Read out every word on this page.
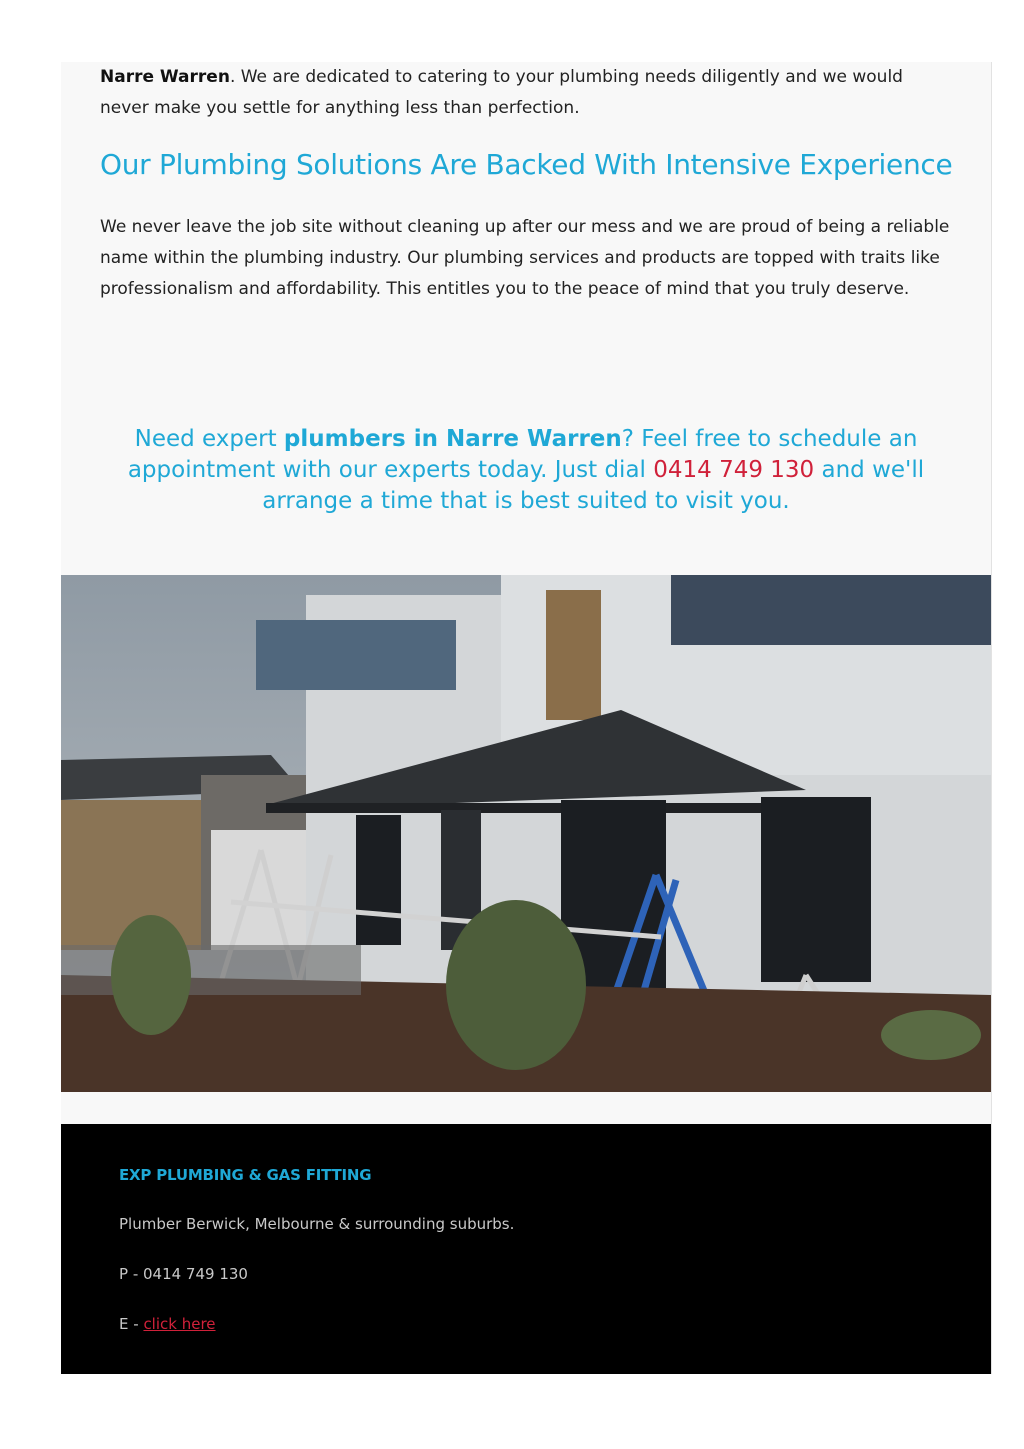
Narre Warren. We are dedicated to catering to your plumbing needs diligently and we would
never make you settle for anything less than perfection.

Our Plumbing Solutions Are Backed With Intensive Experience

We never leave the job site without cleaning up after our mess and we are proud of being a reliable name within the plumbing industry. Our plumbing services and products are topped with traits like professionalism and affordability. This entitles you to the peace of mind that you truly deserve.

Need expert plumbers in Narre Warren? Feel free to schedule an appointment with our experts today. Just dial 0414 749 130 and we'll arrange a time that is best suited to visit you.
EXP PLUMBING & GAS FITTING

Plumber Berwick, Melbourne & surrounding suburbs.

P - 0414 749 130

E - click here
